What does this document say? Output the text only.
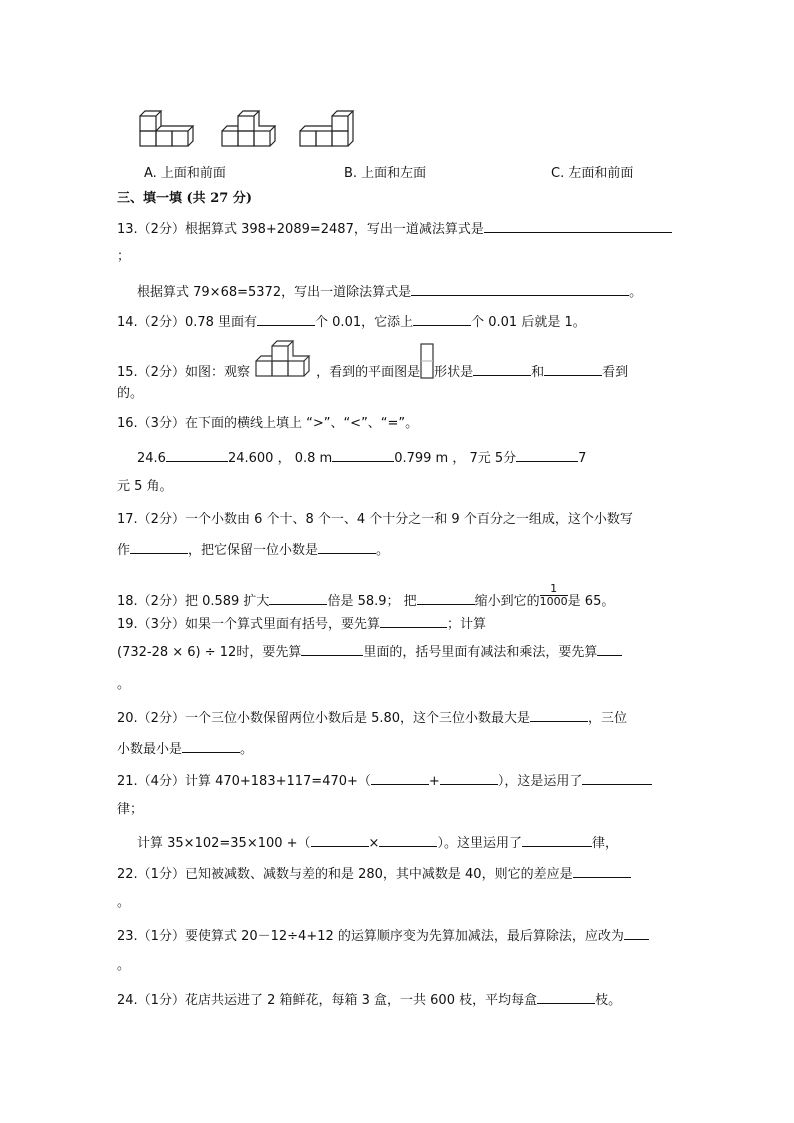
A. 上面和前面	B. 上面和左面	C. 左面和前面
三、填一填 (共 27 分)
13.（2分）根据算式 398+2089=2487，写出一道减法算式是
；
根据算式 79×68=5372，写出一道除法算式是	。
14.（2分）0.78 里面有	个 0.01，它添上	个 0.01 后就是 1。
15.（2分）如图：观察	，看到的平面图是 形状是	和	看到
的。
16.（3分）在下面的横线上填上 “>”、“<”、“=”。
24.6	24.600 ， 0.8 m	0.799 m ， 7元 5分	7
元 5 角。
17.（2分）一个小数由 6 个十、8 个一、4 个十分之一和 9 个百分之一组成，这个小数写
作	，把它保留一位小数是	。
18.（2分）把 0.589 扩大	倍是 58.9； 把	缩小到它的 $\frac{1}{1000}$是 65。
19.（3分）如果一个算式里面有括号，要先算	；计算
(732-28 × 6) ÷ 12时，要先算	里面的，括号里面有减法和乘法，要先算
。
20.（2分）一个三位小数保留两位小数后是 5.80，这个三位小数最大是	，三位
小数最小是	。
21.（4分）计算 470+183+117=470+（	+	），这是运用了
律；
计算 35×102=35×100 +（	×	）。这里运用了	律，
22.（1分）已知被减数、减数与差的和是 280，其中减数是 40，则它的差应是
。
23.（1分）要使算式 20－12÷4+12 的运算顺序变为先算加减法，最后算除法，应改为
。
24.（1分）花店共运进了 2 箱鲜花，每箱 3 盒，一共 600 枝，平均每盒	枝。
